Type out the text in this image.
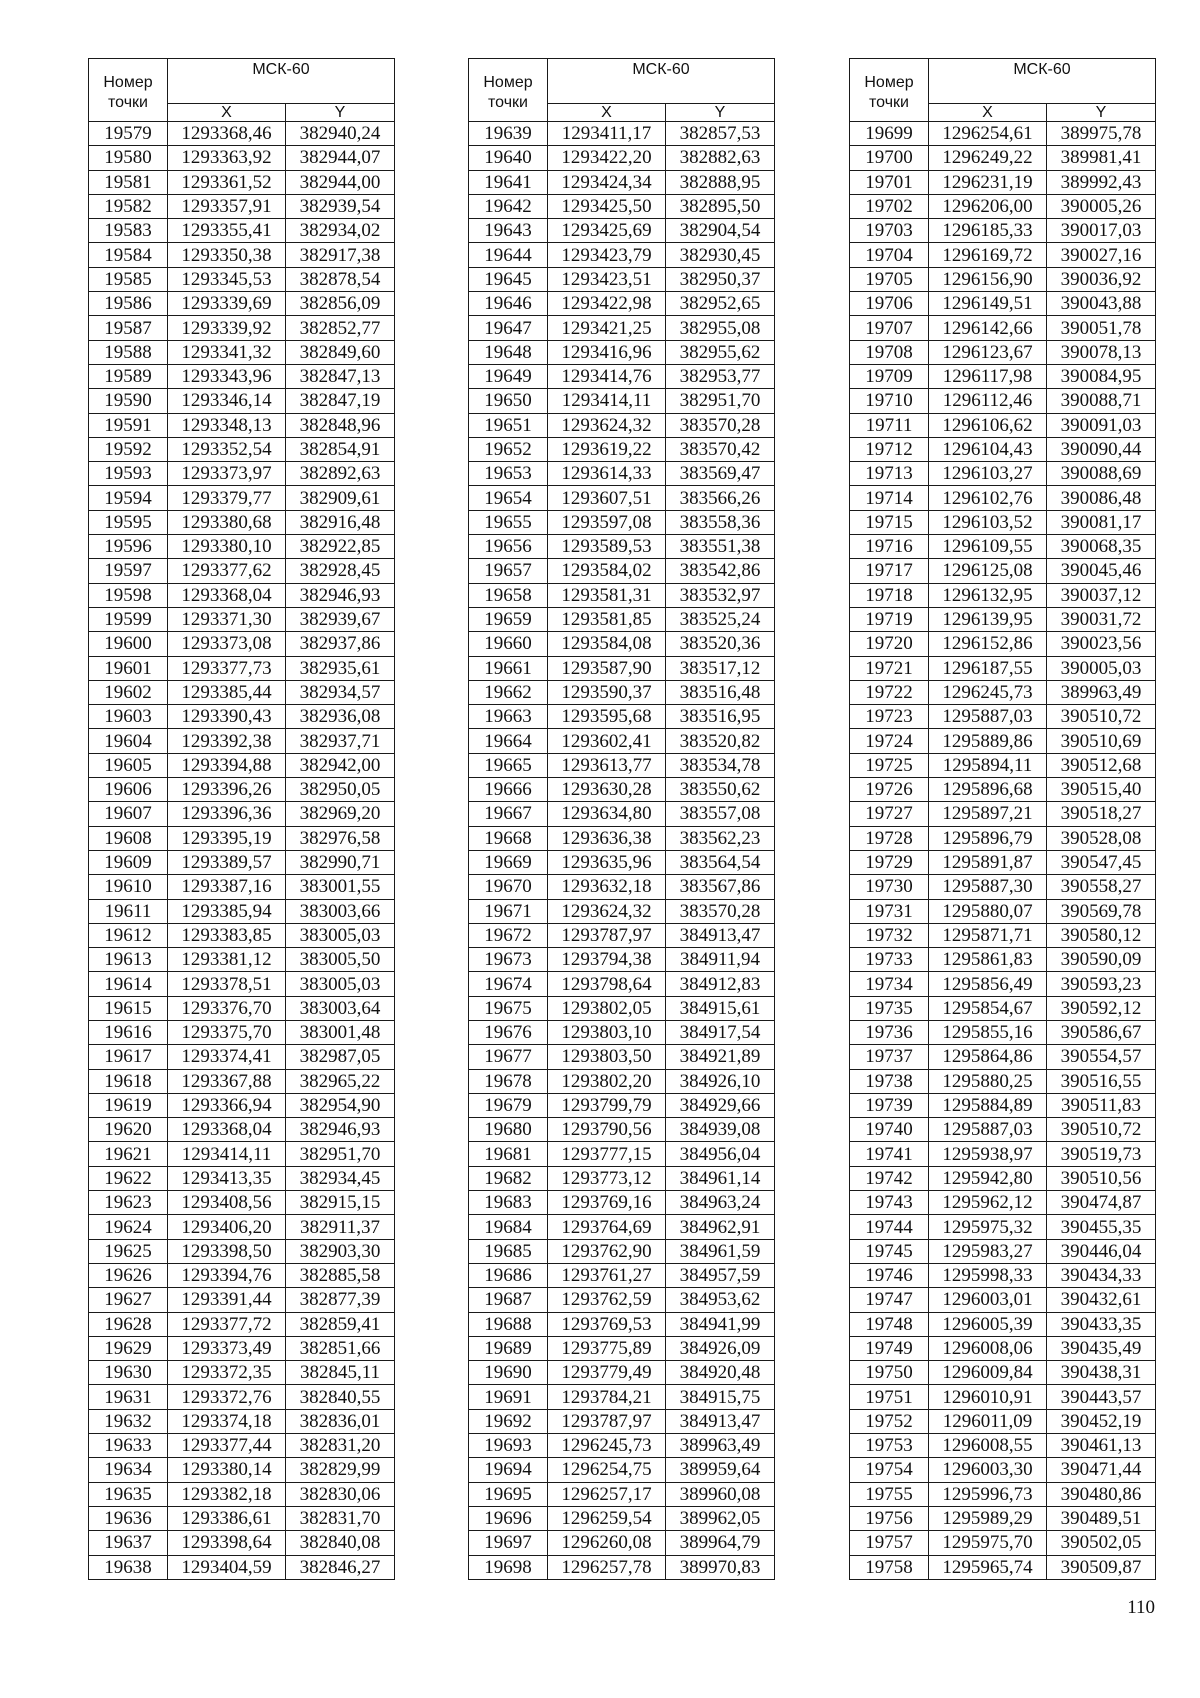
Номер
точки	МСК-60	
	X	Y
19579	1293368,46	382940,24
19580	1293363,92	382944,07
19581	1293361,52	382944,00
19582	1293357,91	382939,54
19583	1293355,41	382934,02
19584	1293350,38	382917,38
19585	1293345,53	382878,54
19586	1293339,69	382856,09
19587	1293339,92	382852,77
19588	1293341,32	382849,60
19589	1293343,96	382847,13
19590	1293346,14	382847,19
19591	1293348,13	382848,96
19592	1293352,54	382854,91
19593	1293373,97	382892,63
19594	1293379,77	382909,61
19595	1293380,68	382916,48
19596	1293380,10	382922,85
19597	1293377,62	382928,45
19598	1293368,04	382946,93
19599	1293371,30	382939,67
19600	1293373,08	382937,86
19601	1293377,73	382935,61
19602	1293385,44	382934,57
19603	1293390,43	382936,08
19604	1293392,38	382937,71
19605	1293394,88	382942,00
19606	1293396,26	382950,05
19607	1293396,36	382969,20
19608	1293395,19	382976,58
19609	1293389,57	382990,71
19610	1293387,16	383001,55
19611	1293385,94	383003,66
19612	1293383,85	383005,03
19613	1293381,12	383005,50
19614	1293378,51	383005,03
19615	1293376,70	383003,64
19616	1293375,70	383001,48
19617	1293374,41	382987,05
19618	1293367,88	382965,22
19619	1293366,94	382954,90
19620	1293368,04	382946,93
19621	1293414,11	382951,70
19622	1293413,35	382934,45
19623	1293408,56	382915,15
19624	1293406,20	382911,37
19625	1293398,50	382903,30
19626	1293394,76	382885,58
19627	1293391,44	382877,39
19628	1293377,72	382859,41
19629	1293373,49	382851,66
19630	1293372,35	382845,11
19631	1293372,76	382840,55
19632	1293374,18	382836,01
19633	1293377,44	382831,20
19634	1293380,14	382829,99
19635	1293382,18	382830,06
19636	1293386,61	382831,70
19637	1293398,64	382840,08
19638	1293404,59	382846,27
Номер
точки	МСК-60	
	X	Y
19639	1293411,17	382857,53
19640	1293422,20	382882,63
19641	1293424,34	382888,95
19642	1293425,50	382895,50
19643	1293425,69	382904,54
19644	1293423,79	382930,45
19645	1293423,51	382950,37
19646	1293422,98	382952,65
19647	1293421,25	382955,08
19648	1293416,96	382955,62
19649	1293414,76	382953,77
19650	1293414,11	382951,70
19651	1293624,32	383570,28
19652	1293619,22	383570,42
19653	1293614,33	383569,47
19654	1293607,51	383566,26
19655	1293597,08	383558,36
19656	1293589,53	383551,38
19657	1293584,02	383542,86
19658	1293581,31	383532,97
19659	1293581,85	383525,24
19660	1293584,08	383520,36
19661	1293587,90	383517,12
19662	1293590,37	383516,48
19663	1293595,68	383516,95
19664	1293602,41	383520,82
19665	1293613,77	383534,78
19666	1293630,28	383550,62
19667	1293634,80	383557,08
19668	1293636,38	383562,23
19669	1293635,96	383564,54
19670	1293632,18	383567,86
19671	1293624,32	383570,28
19672	1293787,97	384913,47
19673	1293794,38	384911,94
19674	1293798,64	384912,83
19675	1293802,05	384915,61
19676	1293803,10	384917,54
19677	1293803,50	384921,89
19678	1293802,20	384926,10
19679	1293799,79	384929,66
19680	1293790,56	384939,08
19681	1293777,15	384956,04
19682	1293773,12	384961,14
19683	1293769,16	384963,24
19684	1293764,69	384962,91
19685	1293762,90	384961,59
19686	1293761,27	384957,59
19687	1293762,59	384953,62
19688	1293769,53	384941,99
19689	1293775,89	384926,09
19690	1293779,49	384920,48
19691	1293784,21	384915,75
19692	1293787,97	384913,47
19693	1296245,73	389963,49
19694	1296254,75	389959,64
19695	1296257,17	389960,08
19696	1296259,54	389962,05
19697	1296260,08	389964,79
19698	1296257,78	389970,83
Номер
точки	МСК-60	
	X	Y
19699	1296254,61	389975,78
19700	1296249,22	389981,41
19701	1296231,19	389992,43
19702	1296206,00	390005,26
19703	1296185,33	390017,03
19704	1296169,72	390027,16
19705	1296156,90	390036,92
19706	1296149,51	390043,88
19707	1296142,66	390051,78
19708	1296123,67	390078,13
19709	1296117,98	390084,95
19710	1296112,46	390088,71
19711	1296106,62	390091,03
19712	1296104,43	390090,44
19713	1296103,27	390088,69
19714	1296102,76	390086,48
19715	1296103,52	390081,17
19716	1296109,55	390068,35
19717	1296125,08	390045,46
19718	1296132,95	390037,12
19719	1296139,95	390031,72
19720	1296152,86	390023,56
19721	1296187,55	390005,03
19722	1296245,73	389963,49
19723	1295887,03	390510,72
19724	1295889,86	390510,69
19725	1295894,11	390512,68
19726	1295896,68	390515,40
19727	1295897,21	390518,27
19728	1295896,79	390528,08
19729	1295891,87	390547,45
19730	1295887,30	390558,27
19731	1295880,07	390569,78
19732	1295871,71	390580,12
19733	1295861,83	390590,09
19734	1295856,49	390593,23
19735	1295854,67	390592,12
19736	1295855,16	390586,67
19737	1295864,86	390554,57
19738	1295880,25	390516,55
19739	1295884,89	390511,83
19740	1295887,03	390510,72
19741	1295938,97	390519,73
19742	1295942,80	390510,56
19743	1295962,12	390474,87
19744	1295975,32	390455,35
19745	1295983,27	390446,04
19746	1295998,33	390434,33
19747	1296003,01	390432,61
19748	1296005,39	390433,35
19749	1296008,06	390435,49
19750	1296009,84	390438,31
19751	1296010,91	390443,57
19752	1296011,09	390452,19
19753	1296008,55	390461,13
19754	1296003,30	390471,44
19755	1295996,73	390480,86
19756	1295989,29	390489,51
19757	1295975,70	390502,05
19758	1295965,74	390509,87
110
